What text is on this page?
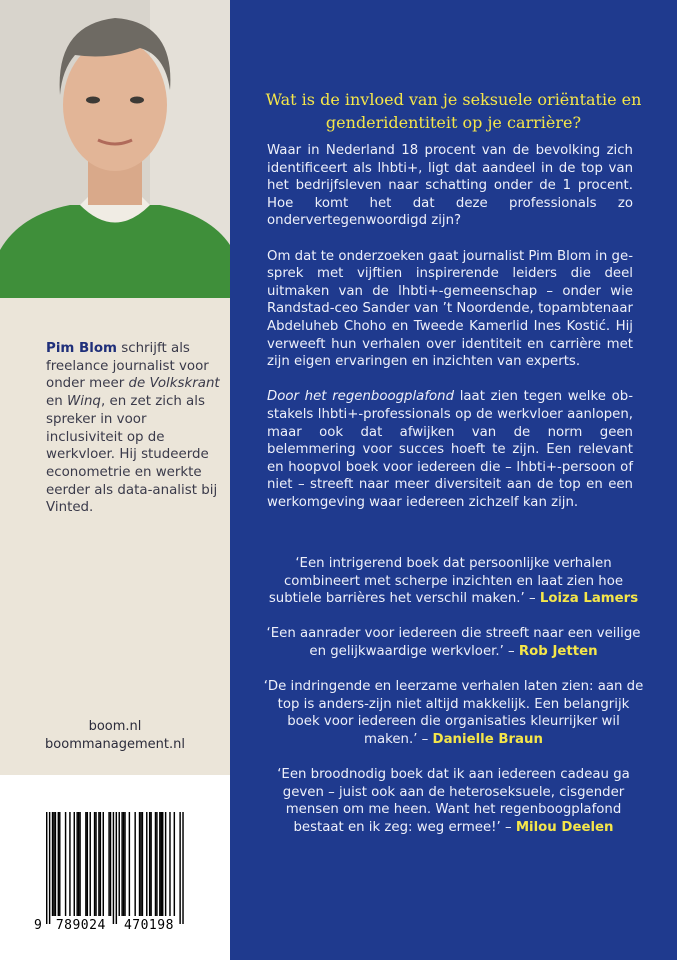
Pim Blom schrijft als freelance journalist voor onder meer de Volkskrant en Winq, en zet zich als spreker in voor inclusiviteit op de werkvloer. Hij studeerde econometrie en werkte eerder als data-analist bij Vinted.
boom.nl
boommanagement.nl
9 789024 470198
Wat is de invloed van je seksuele oriëntatie en genderidentiteit op je carrière?

Waar in Nederland 18 procent van de bevolking zich identificeert als lhbti+, ligt dat aandeel in de top van het bedrijfsleven naar schatting onder de 1 procent. Hoe komt het dat deze professionals zo ondervertegenwoordigd zijn?

Om dat te onderzoeken gaat journalist Pim Blom in gesprek met vijftien inspirerende leiders die deel uitmaken van de lhbti+-gemeenschap – onder wie Randstad-ceo Sander van ’t Noordende, topambtenaar Abdeluheb Choho en Tweede Kamerlid Ines Kostić. Hij verweeft hun verhalen over identiteit en carrière met zijn eigen ervaringen en inzichten van experts.

Door het regenboogplafond laat zien tegen welke obstakels lhbti+-professionals op de werkvloer aanlopen, maar ook dat afwijken van de norm geen belemmering voor succes hoeft te zijn. Een relevant en hoopvol boek voor iedereen die – lhbti+-persoon of niet – streeft naar meer diversiteit aan de top en een werkomgeving waar iedereen zichzelf kan zijn.

‘Een intrigerend boek dat persoonlijke verhalen combineert met scherpe inzichten en laat zien hoe subtiele barrières het verschil maken.’ – Loiza Lamers

‘Een aanrader voor iedereen die streeft naar een veilige en gelijkwaardige werkvloer.’ – Rob Jetten

‘De indringende en leerzame verhalen laten zien: aan de top is anders-zijn niet altijd makkelijk. Een belangrijk boek voor iedereen die organisaties kleurrijker wil maken.’ – Danielle Braun

‘Een broodnodig boek dat ik aan iedereen cadeau ga geven – juist ook aan de heteroseksuele, cisgender mensen om me heen. Want het regenboogplafond bestaat en ik zeg: weg ermee!’ – Milou Deelen
